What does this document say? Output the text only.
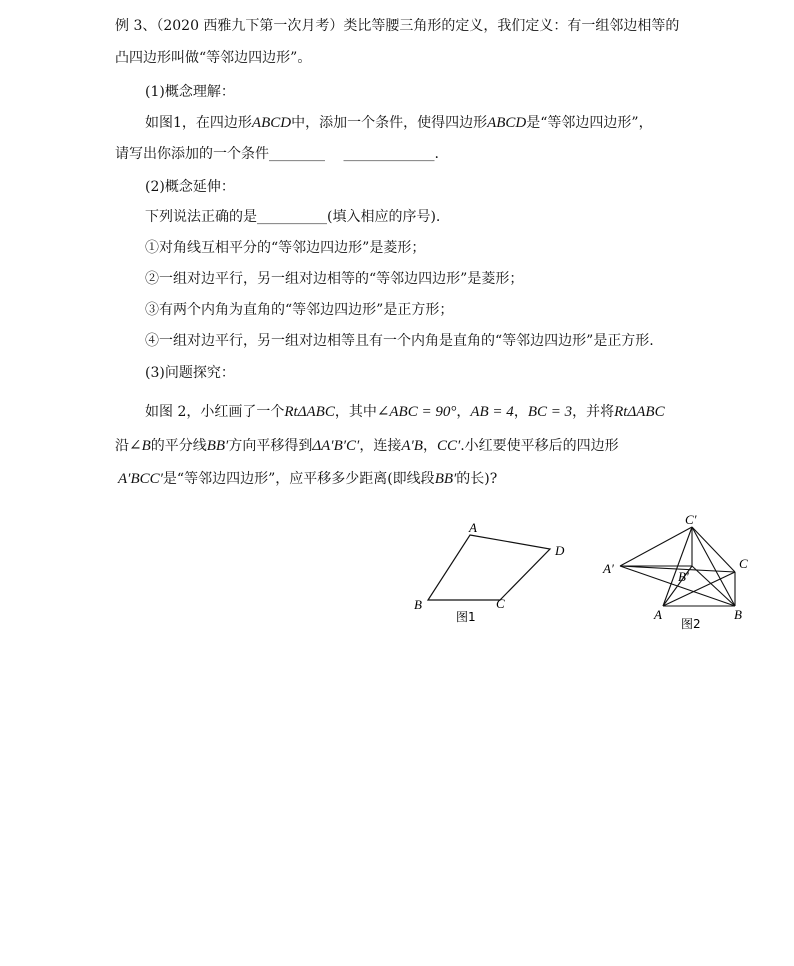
例 3、（2020 西雅九下第一次月考）类比等腰三角形的定义，我们定义：有一组邻边相等的
凸四边形叫做“等邻边四边形”。
(1)概念理解：
如图1，在四边形ABCD中，添加一个条件，使得四边形ABCD是“等邻边四边形”，
请写出你添加的一个条件________　 _____________.
(2)概念延伸：
下列说法正确的是__________(填入相应的序号).
①对角线互相平分的“等邻边四边形”是菱形；
②一组对边平行，另一组对边相等的“等邻边四边形”是菱形；
③有两个内角为直角的“等邻边四边形”是正方形；
④一组对边平行，另一组对边相等且有一个内角是直角的“等邻边四边形”是正方形.
(3)问题探究：
如图 2，小红画了一个RtΔABC，其中∠ABC = 90°，AB = 4，BC = 3，并将RtΔABC
沿∠B的平分线BB′方向平移得到ΔA′B′C′，连接A′B，CC′.小红要使平移后的四边形
A′BCC′是“等邻边四边形”，应平移多少距离(即线段BB′的长)?
A
D
B	C
图1
C′
A′
B′
C
A	B
图2
